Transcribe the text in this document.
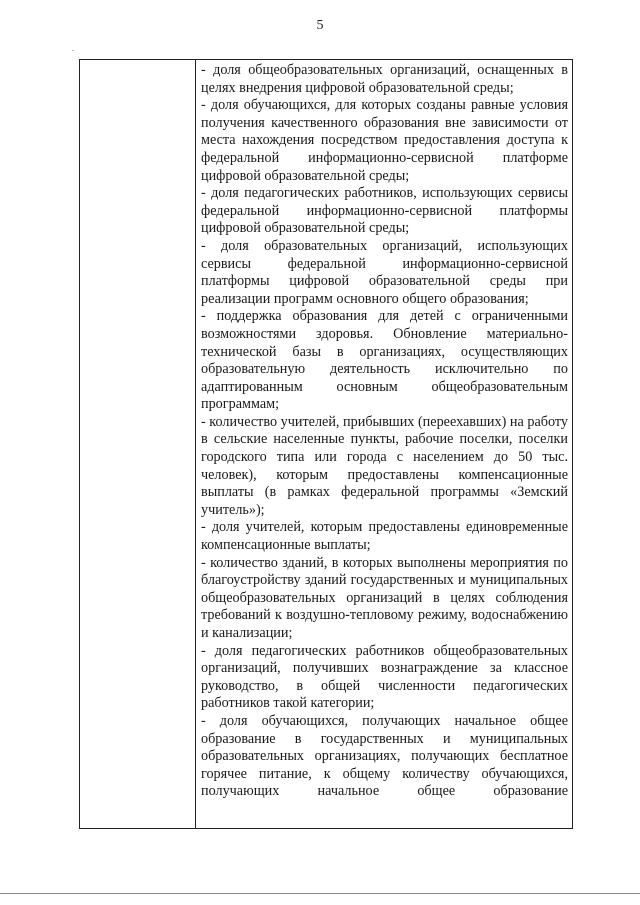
5
.

- доля общеобразовательных организаций, оснащенных в целях внедрения цифровой образовательной среды;

- доля обучающихся, для которых созданы равные условия получения качественного образования вне зависимости от места нахождения посредством предоставления доступа к федеральной информационно-сервисной платформе цифровой образовательной среды;

- доля педагогических работников, использующих сервисы федеральной информационно-сервисной платформы цифровой образовательной среды;

- доля образовательных организаций, использующих сервисы федеральной информационно-сервисной платформы цифровой образовательной среды при реализации программ основного общего образования;

- поддержка образования для детей с ограниченными возможностями здоровья. Обновление материально-технической базы в организациях, осуществляющих образовательную деятельность исключительно по адаптированным основным общеобразовательным программам;

- количество учителей, прибывших (переехавших) на работу в сельские населенные пункты, рабочие поселки, поселки городского типа или города с населением до 50 тыс. человек), которым предоставлены компенсационные выплаты (в рамках федеральной программы «Земский учитель»);

- доля учителей, которым предоставлены единовременные компенсационные выплаты;

- количество зданий, в которых выполнены мероприятия по благоустройству зданий государственных и муниципальных общеобразовательных организаций в целях соблюдения требований к воздушно-тепловому режиму, водоснабжению и канализации;

- доля педагогических работников общеобразовательных организаций, получивших вознаграждение за классное руководство, в общей численности педагогических работников такой категории;

- доля обучающихся, получающих начальное общее образование в государственных и муниципальных образовательных организациях, получающих бесплатное горячее питание, к общему количеству обучающихся, получающих начальное общее образование
